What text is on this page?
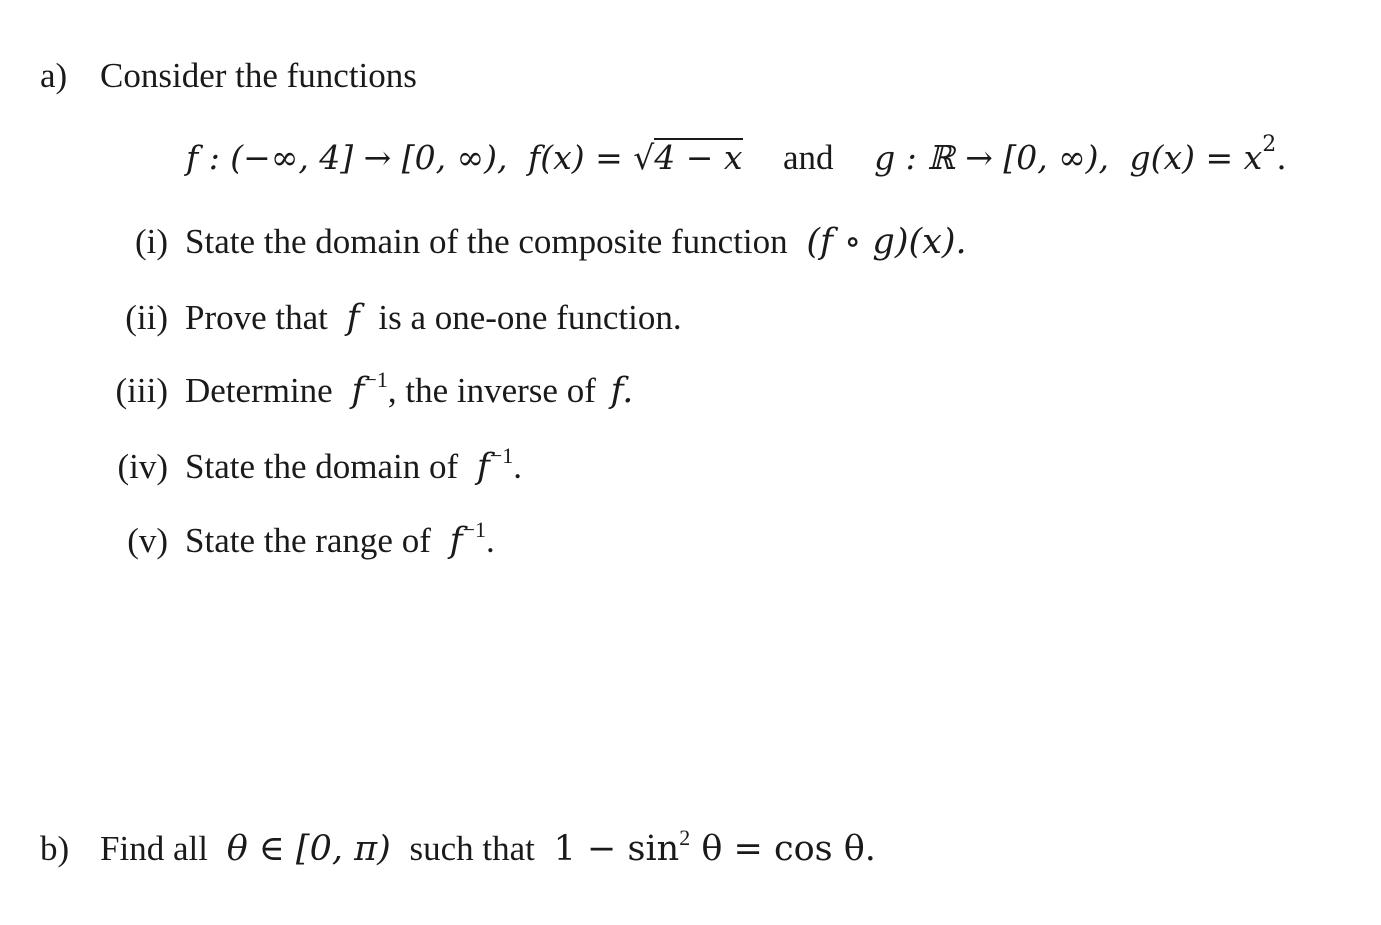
a) Consider the functions
f : (−∞, 4] → [0, ∞), f(x) = √4 − x and g : ℝ → [0, ∞), $g(x) = x^2$.
(i) State the domain of the composite function (f ∘ g)(x).
(ii) Prove that f is a one-one function.
(iii) Determine $f^{-1}$, the inverse of f.
(iv) State the domain of $f^{-1}$.
(v) State the range of $f^{-1}$.
b) Find all θ ∈ [0, π) such that $1 - \sin^2 \theta = \cos \theta$.
